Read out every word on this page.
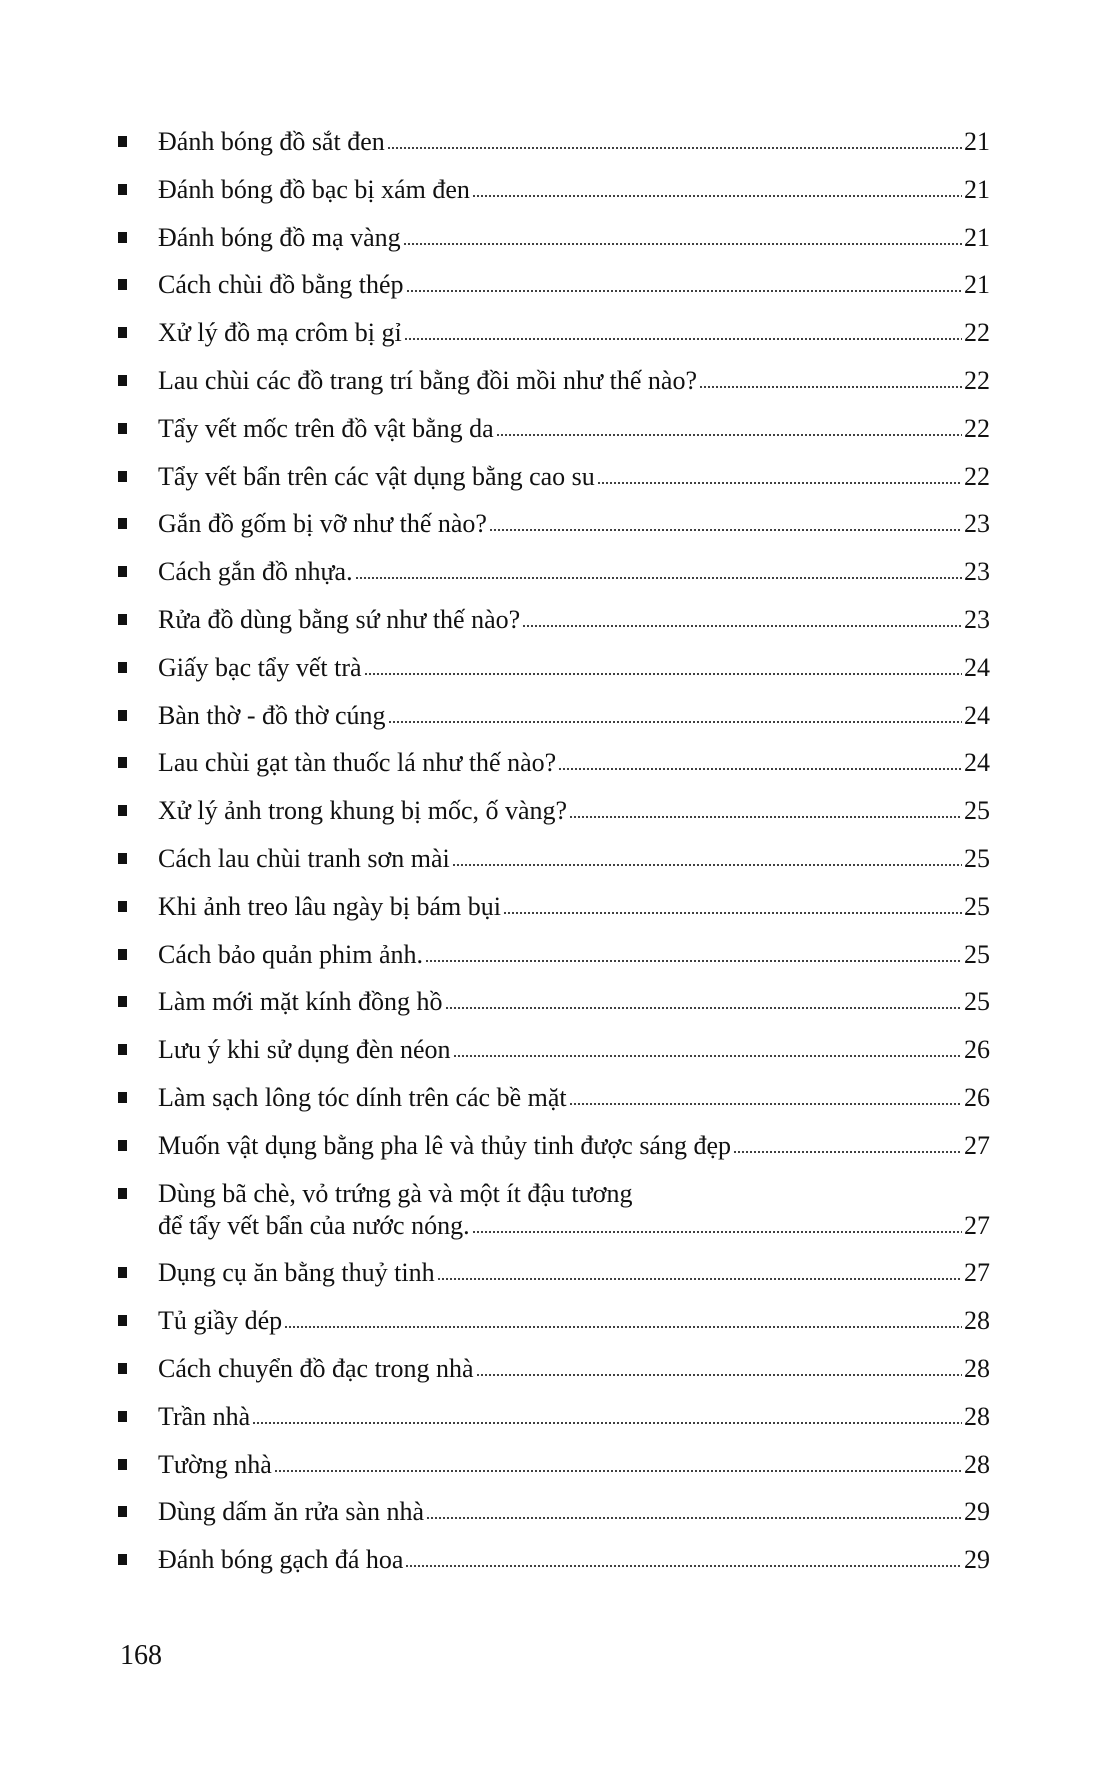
Đánh bóng đồ sắt đen	21
Đánh bóng đồ bạc bị xám đen	21
Đánh bóng đồ mạ vàng	21
Cách chùi đồ bằng thép	21
Xử lý đồ mạ crôm bị gỉ	22
Lau chùi các đồ trang trí bằng đồi mồi như thế nào?	22
Tẩy vết mốc trên đồ vật bằng da	22
Tẩy vết bẩn trên các vật dụng bằng cao su	22
Gắn đồ gốm bị vỡ như thế nào?	23
Cách gắn đồ nhựa.	23
Rửa đồ dùng bằng sứ như thế nào?	23
Giấy bạc tẩy vết trà	24
Bàn thờ - đồ thờ cúng	24
Lau chùi gạt tàn thuốc lá như thế nào?	24
Xử lý ảnh trong khung bị mốc, ố vàng?	25
Cách lau chùi tranh sơn mài	25
Khi ảnh treo lâu ngày bị bám bụi	25
Cách bảo quản phim ảnh.	25
Làm mới mặt kính đồng hồ	25
Lưu ý khi sử dụng đèn néon	26
Làm sạch lông tóc dính trên các bề mặt	26
Muốn vật dụng bằng pha lê và thủy tinh được sáng đẹp	27
Dùng bã chè, vỏ trứng gà và một ít đậu tương
để tẩy vết bẩn của nước nóng.	27
Dụng cụ ăn bằng thuỷ tinh	27
Tủ giầy dép	28
Cách chuyển đồ đạc trong nhà	28
Trần nhà	28
Tường nhà	28
Dùng dấm ăn rửa sàn nhà	29
Đánh bóng gạch đá hoa	29
168
